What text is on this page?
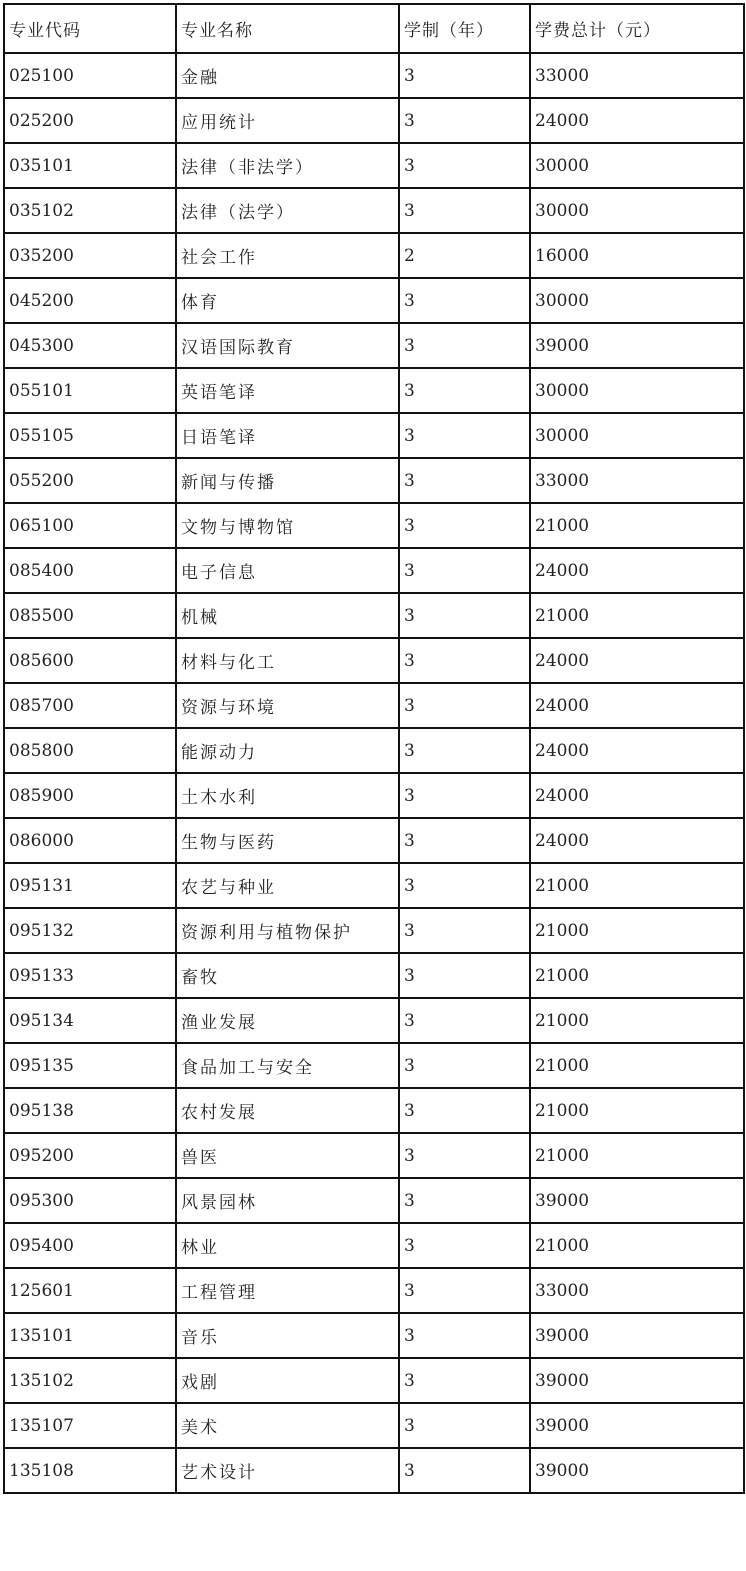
专业代码	专业名称	学制（年）	学费总计（元）
025100	金融	3	33000
025200	应用统计	3	24000
035101	法律（非法学）	3	30000
035102	法律（法学）	3	30000
035200	社会工作	2	16000
045200	体育	3	30000
045300	汉语国际教育	3	39000
055101	英语笔译	3	30000
055105	日语笔译	3	30000
055200	新闻与传播	3	33000
065100	文物与博物馆	3	21000
085400	电子信息	3	24000
085500	机械	3	21000
085600	材料与化工	3	24000
085700	资源与环境	3	24000
085800	能源动力	3	24000
085900	土木水利	3	24000
086000	生物与医药	3	24000
095131	农艺与种业	3	21000
095132	资源利用与植物保护	3	21000
095133	畜牧	3	21000
095134	渔业发展	3	21000
095135	食品加工与安全	3	21000
095138	农村发展	3	21000
095200	兽医	3	21000
095300	风景园林	3	39000
095400	林业	3	21000
125601	工程管理	3	33000
135101	音乐	3	39000
135102	戏剧	3	39000
135107	美术	3	39000
135108	艺术设计	3	39000
